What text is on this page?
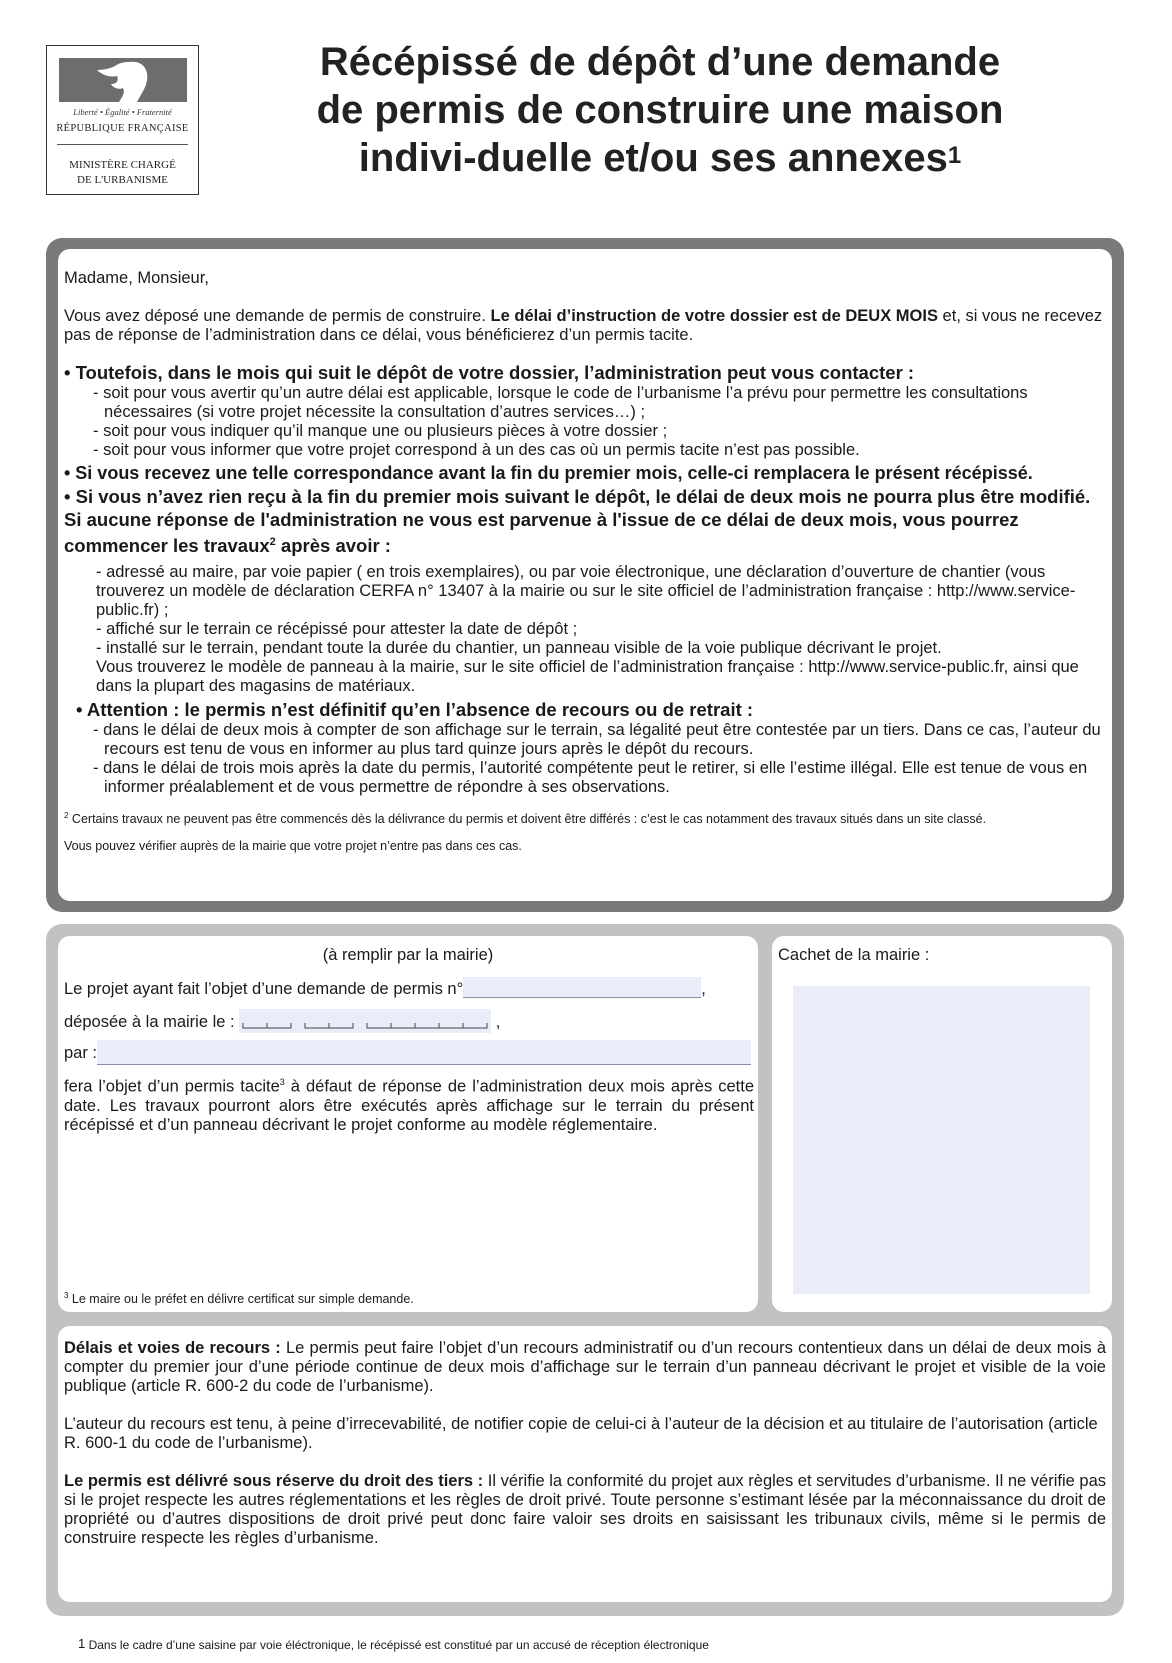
Liberté • Égalité • Fraternité
RÉPUBLIQUE FRANÇAISE
MINISTÈRE CHARGÉ
DE L'URBANISME
Récépissé de dépôt d’une demande
de permis de construire une maison
indivi-duelle et/ou ses annexes$^1$

Madame, Monsieur,

Vous avez déposé une demande de permis de construire. Le délai d’instruction de votre dossier est de DEUX MOIS et, si vous ne recevez pas de réponse de l’administration dans ce délai, vous bénéficierez d’un permis tacite.

• Toutefois, dans le mois qui suit le dépôt de votre dossier, l’administration peut vous contacter :

- soit pour vous avertir qu’un autre délai est applicable, lorsque le code de l’urbanisme l’a prévu pour permettre les consultations nécessaires (si votre projet nécessite la consultation d’autres services…) ;

- soit pour vous indiquer qu’il manque une ou plusieurs pièces à votre dossier ;

- soit pour vous informer que votre projet correspond à un des cas où un permis tacite n’est pas possible.

• Si vous recevez une telle correspondance avant la fin du premier mois, celle-ci remplacera le présent récépissé.

• Si vous n’avez rien reçu à la fin du premier mois suivant le dépôt, le délai de deux mois ne pourra plus être modifié. Si aucune réponse de l'administration ne vous est parvenue à l'issue de ce délai de deux mois, vous pourrez commencer les travaux$^2$ après avoir :

- adressé au maire, par voie papier ( en trois exemplaires), ou par voie électronique, une déclaration d’ouverture de chantier (vous trouverez un modèle de déclaration CERFA n° 13407 à la mairie ou sur le site officiel de l’administration française : http://www.service-public.fr) ;

- affiché sur le terrain ce récépissé pour attester la date de dépôt ;

- installé sur le terrain, pendant toute la durée du chantier, un panneau visible de la voie publique décrivant le projet.

Vous trouverez le modèle de panneau à la mairie, sur le site officiel de l’administration française : http://www.service-public.fr, ainsi que dans la plupart des magasins de matériaux.

• Attention : le permis n’est définitif qu’en l’absence de recours ou de retrait :

- dans le délai de deux mois à compter de son affichage sur le terrain, sa légalité peut être contestée par un tiers. Dans ce cas, l’auteur du recours est tenu de vous en informer au plus tard quinze jours après le dépôt du recours.

- dans le délai de trois mois après la date du permis, l’autorité compétente peut le retirer, si elle l’estime illégal. Elle est tenue de vous en informer préalablement et de vous permettre de répondre à ses observations.

$^2$ Certains travaux ne peuvent pas être commencés dès la délivrance du permis et doivent être différés : c’est le cas notamment des travaux situés dans un site classé.

Vous pouvez vérifier auprès de la mairie que votre projet n’entre pas dans ces cas.

(à remplir par la mairie)
Le projet ayant fait l’objet d’une demande de permis n°	,
déposée à la mairie le :	,
par :

fera l’objet d’un permis tacite$^3$ à défaut de réponse de l’administration deux mois après cette date. Les travaux pourront alors être exécutés après affichage sur le terrain du présent récépissé et d’un panneau décrivant le projet conforme au modèle réglementaire.

$^3$ Le maire ou le préfet en délivre certificat sur simple demande.

Cachet de la mairie :

Délais et voies de recours : Le permis peut faire l’objet d’un recours administratif ou d’un recours contentieux dans un délai de deux mois à compter du premier jour d’une période continue de deux mois d’affichage sur le terrain d’un panneau décrivant le projet et visible de la voie publique (article R. 600-2 du code de l’urbanisme).

L’auteur du recours est tenu, à peine d’irrecevabilité, de notifier copie de celui-ci à l’auteur de la décision et au titulaire de l’autorisation (article R. 600-1 du code de l’urbanisme).

Le permis est délivré sous réserve du droit des tiers : Il vérifie la conformité du projet aux règles et servitudes d’urbanisme. Il ne vérifie pas si le projet respecte les autres réglementations et les règles de droit privé. Toute personne s’estimant lésée par la méconnaissance du droit de propriété ou d’autres dispositions de droit privé peut donc faire valoir ses droits en saisissant les tribunaux civils, même si le permis de construire respecte les règles d’urbanisme.

1 Dans le cadre d’une saisine par voie éléctronique, le récépissé est constitué par un accusé de réception électronique
